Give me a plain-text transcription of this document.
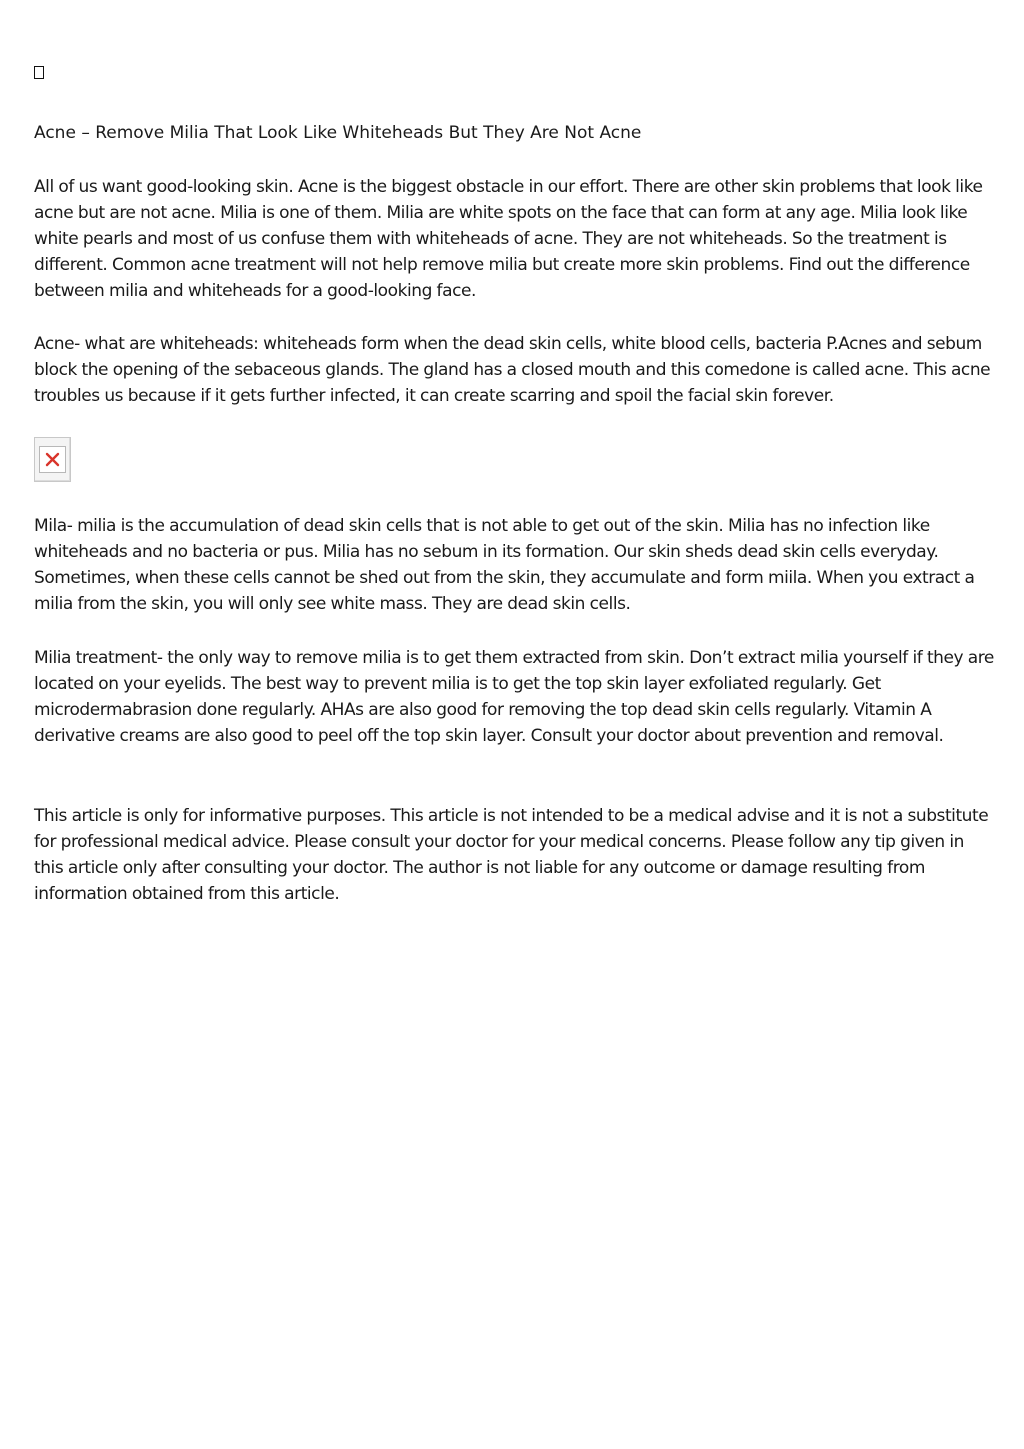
Acne – Remove Milia That Look Like Whiteheads But They Are Not Acne

All of us want good-looking skin. Acne is the biggest obstacle in our effort. There are other skin problems that look like acne but are not acne. Milia is one of them. Milia are white spots on the face that can form at any age. Milia look like white pearls and most of us confuse them with whiteheads of acne. They are not whiteheads. So the treatment is different. Common acne treatment will not help remove milia but create more skin problems. Find out the difference between milia and whiteheads for a good-looking face.

Acne- what are whiteheads: whiteheads form when the dead skin cells, white blood cells, bacteria P.Acnes and sebum block the opening of the sebaceous glands. The gland has a closed mouth and this comedone is called acne. This acne troubles us because if it gets further infected, it can create scarring and spoil the facial skin forever.

Mila- milia is the accumulation of dead skin cells that is not able to get out of the skin. Milia has no infection like whiteheads and no bacteria or pus. Milia has no sebum in its formation. Our skin sheds dead skin cells everyday. Sometimes, when these cells cannot be shed out from the skin, they accumulate and form miila. When you extract a milia from the skin, you will only see white mass. They are dead skin cells.

Milia treatment- the only way to remove milia is to get them extracted from skin. Don’t extract milia yourself if they are located on your eyelids. The best way to prevent milia is to get the top skin layer exfoliated regularly. Get microdermabrasion done regularly. AHAs are also good for removing the top dead skin cells regularly. Vitamin A derivative creams are also good to peel off the top skin layer. Consult your doctor about prevention and removal.

This article is only for informative purposes. This article is not intended to be a medical advise and it is not a substitute for professional medical advice. Please consult your doctor for your medical concerns. Please follow any tip given in this article only after consulting your doctor. The author is not liable for any outcome or damage resulting from information obtained from this article.
